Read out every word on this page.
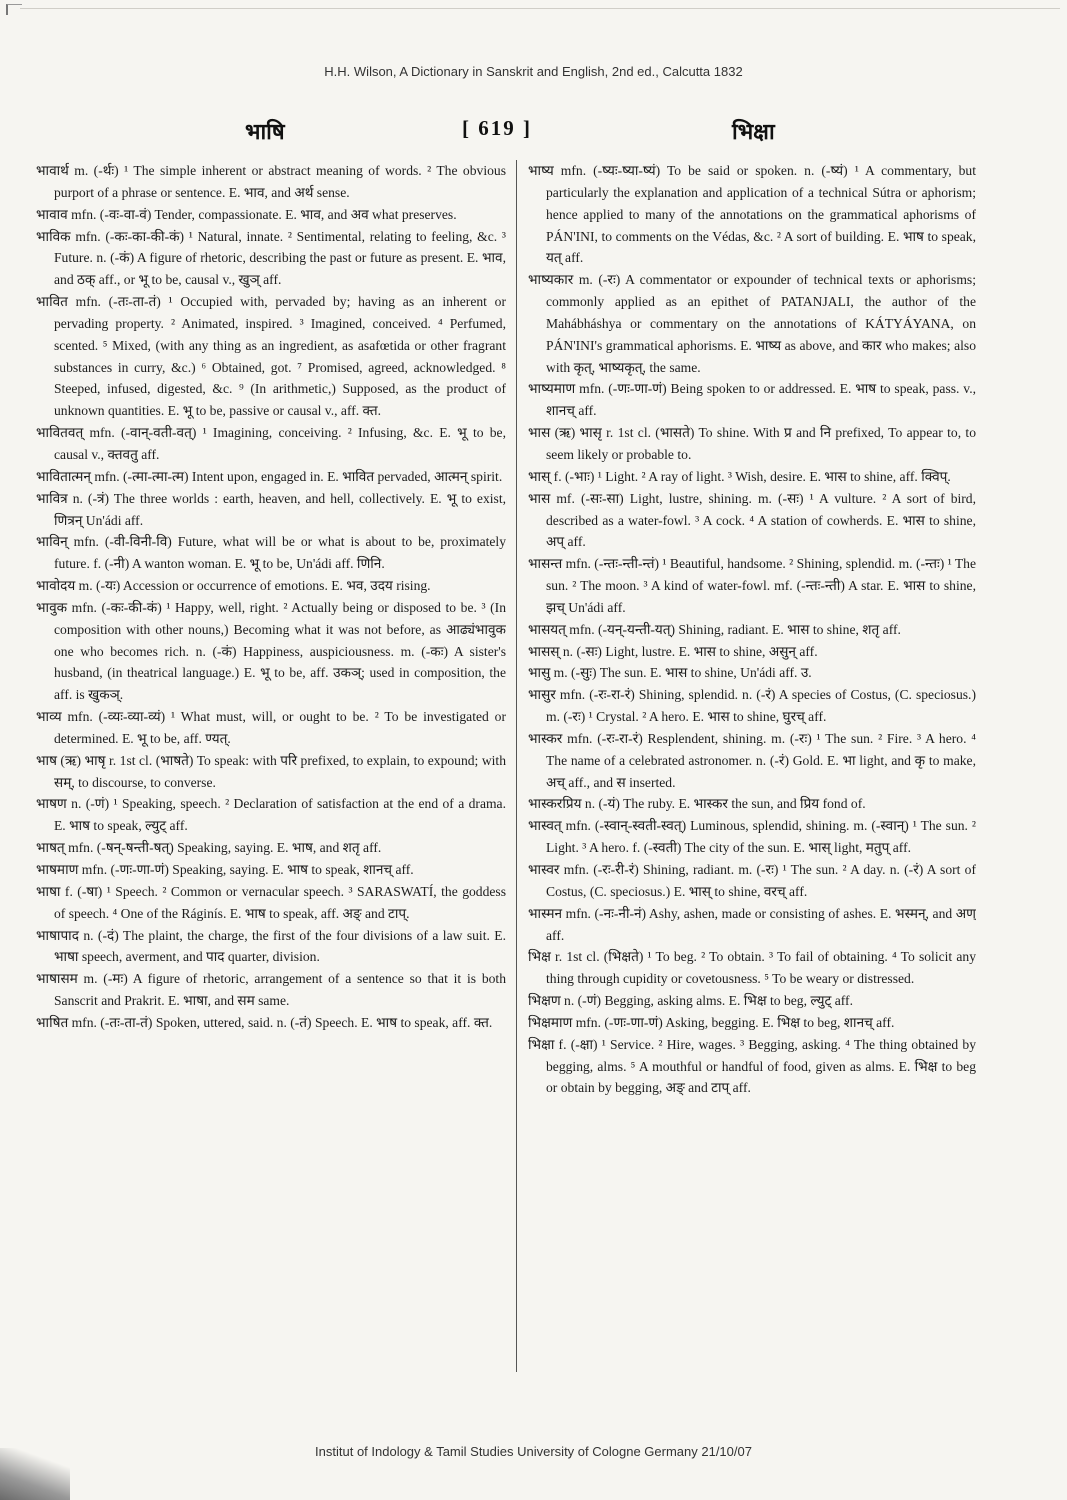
H.H. Wilson, A Dictionary in Sanskrit and English, 2nd ed., Calcutta 1832
भाषि	[ 619 ]	भिक्षा

भावार्थ m. (-र्थः) ¹ The simple inherent or abstract meaning of words. ² The obvious purport of a phrase or sentence. E. भाव, and अर्थ sense.

भावाव mfn. (-वः-वा-वं) Tender, compassionate. E. भाव, and अव what preserves.

भाविक mfn. (-कः-का-की-कं) ¹ Natural, innate. ² Sentimental, relating to feeling, &c. ³ Future. n. (-कं) A figure of rhetoric, describing the past or future as present. E. भाव, and ठक् aff., or भू to be, causal v., खुञ् aff.

भावित mfn. (-तः-ता-तं) ¹ Occupied with, pervaded by; having as an inherent or pervading property. ² Animated, inspired. ³ Imagined, conceived. ⁴ Perfumed, scented. ⁵ Mixed, (with any thing as an ingredient, as asafœtida or other fragrant substances in curry, &c.) ⁶ Obtained, got. ⁷ Promised, agreed, acknowledged. ⁸ Steeped, infused, digested, &c. ⁹ (In arithmetic,) Supposed, as the product of unknown quantities. E. भू to be, passive or causal v., aff. क्त.

भावितवत् mfn. (-वान्-वती-वत्) ¹ Imagining, conceiving. ² Infusing, &c. E. भू to be, causal v., क्तवतु aff.

भावितात्मन् mfn. (-त्मा-त्मा-त्म) Intent upon, engaged in. E. भावित pervaded, आत्मन् spirit.

भावित्र n. (-त्रं) The three worlds : earth, heaven, and hell, collectively. E. भू to exist, णित्रन् Un'ádi aff.

भाविन् mfn. (-वी-विनी-वि) Future, what will be or what is about to be, proximately future. f. (-नी) A wanton woman. E. भू to be, Un'ádi aff. णिनि.

भावोदय m. (-यः) Accession or occurrence of emotions. E. भव, उदय rising.

भावुक mfn. (-कः-की-कं) ¹ Happy, well, right. ² Actually being or disposed to be. ³ (In composition with other nouns,) Becoming what it was not before, as आढ्यंभावुक one who becomes rich. n. (-कं) Happiness, auspiciousness. m. (-कः) A sister's husband, (in theatrical language.) E. भू to be, aff. उकञ्; used in composition, the aff. is खुकञ्.

भाव्य mfn. (-व्यः-व्या-व्यं) ¹ What must, will, or ought to be. ² To be investigated or determined. E. भू to be, aff. ण्यत्.

भाष (ऋ) भाषृ r. 1st cl. (भाषते) To speak: with परि prefixed, to explain, to expound; with सम्, to discourse, to converse.

भाषण n. (-णं) ¹ Speaking, speech. ² Declaration of satisfaction at the end of a drama. E. भाष to speak, ल्युट् aff.

भाषत् mfn. (-षन्-षन्ती-षत्) Speaking, saying. E. भाष, and शतृ aff.

भाषमाण mfn. (-णः-णा-णं) Speaking, saying. E. भाष to speak, शानच् aff.

भाषा f. (-षा) ¹ Speech. ² Common or vernacular speech. ³ SARASWATÍ, the goddess of speech. ⁴ One of the Ráginís. E. भाष to speak, aff. अङ् and टाप्.

भाषापाद n. (-दं) The plaint, the charge, the first of the four divisions of a law suit. E. भाषा speech, averment, and पाद quarter, division.

भाषासम m. (-मः) A figure of rhetoric, arrangement of a sentence so that it is both Sanscrit and Prakrit. E. भाषा, and सम same.

भाषित mfn. (-तः-ता-तं) Spoken, uttered, said. n. (-तं) Speech. E. भाष to speak, aff. क्त.

भाष्य mfn. (-ष्यः-ष्या-ष्यं) To be said or spoken. n. (-ष्यं) ¹ A commentary, but particularly the explanation and application of a technical Sútra or aphorism; hence applied to many of the annotations on the grammatical aphorisms of PÁN'INI, to comments on the Védas, &c. ² A sort of building. E. भाष to speak, यत् aff.

भाष्यकार m. (-रः) A commentator or expounder of technical texts or aphorisms; commonly applied as an epithet of PATANJALI, the author of the Mahábháshya or commentary on the annotations of KÁTYÁYANA, on PÁN'INI's grammatical aphorisms. E. भाष्य as above, and कार who makes; also with कृत्, भाष्यकृत्, the same.

भाष्यमाण mfn. (-णः-णा-णं) Being spoken to or addressed. E. भाष to speak, pass. v., शानच् aff.

भास (ऋ) भासृ r. 1st cl. (भासते) To shine. With प्र and नि prefixed, To appear to, to seem likely or probable to.

भास् f. (-भाः) ¹ Light. ² A ray of light. ³ Wish, desire. E. भास to shine, aff. क्विप्.

भास mf. (-सः-सा) Light, lustre, shining. m. (-सः) ¹ A vulture. ² A sort of bird, described as a water-fowl. ³ A cock. ⁴ A station of cowherds. E. भास to shine, अप् aff.

भासन्त mfn. (-न्तः-न्ती-न्तं) ¹ Beautiful, handsome. ² Shining, splendid. m. (-न्तः) ¹ The sun. ² The moon. ³ A kind of water-fowl. mf. (-न्तः-न्ती) A star. E. भास to shine, झच् Un'ádi aff.

भासयत् mfn. (-यन्-यन्ती-यत्) Shining, radiant. E. भास to shine, शतृ aff.

भासस् n. (-सः) Light, lustre. E. भास to shine, असुन् aff.

भासु m. (-सुः) The sun. E. भास to shine, Un'ádi aff. उ.

भासुर mfn. (-रः-रा-रं) Shining, splendid. n. (-रं) A species of Costus, (C. speciosus.) m. (-रः) ¹ Crystal. ² A hero. E. भास to shine, घुरच् aff.

भास्कर mfn. (-रः-रा-रं) Resplendent, shining. m. (-रः) ¹ The sun. ² Fire. ³ A hero. ⁴ The name of a celebrated astronomer. n. (-रं) Gold. E. भा light, and कृ to make, अच् aff., and स inserted.

भास्करप्रिय n. (-यं) The ruby. E. भास्कर the sun, and प्रिय fond of.

भास्वत् mfn. (-स्वान्-स्वती-स्वत्) Luminous, splendid, shining. m. (-स्वान्) ¹ The sun. ² Light. ³ A hero. f. (-स्वती) The city of the sun. E. भास् light, मतुप् aff.

भास्वर mfn. (-रः-री-रं) Shining, radiant. m. (-रः) ¹ The sun. ² A day. n. (-रं) A sort of Costus, (C. speciosus.) E. भास् to shine, वरच् aff.

भास्मन mfn. (-नः-नी-नं) Ashy, ashen, made or consisting of ashes. E. भस्मन्, and अण् aff.

भिक्ष r. 1st cl. (भिक्षते) ¹ To beg. ² To obtain. ³ To fail of obtaining. ⁴ To solicit any thing through cupidity or covetousness. ⁵ To be weary or distressed.

भिक्षण n. (-णं) Begging, asking alms. E. भिक्ष to beg, ल्युट् aff.

भिक्षमाण mfn. (-णः-णा-णं) Asking, begging. E. भिक्ष to beg, शानच् aff.

भिक्षा f. (-क्षा) ¹ Service. ² Hire, wages. ³ Begging, asking. ⁴ The thing obtained by begging, alms. ⁵ A mouthful or handful of food, given as alms. E. भिक्ष to beg or obtain by begging, अङ् and टाप् aff.

Institut of Indology & Tamil Studies University of Cologne Germany 21/10/07
